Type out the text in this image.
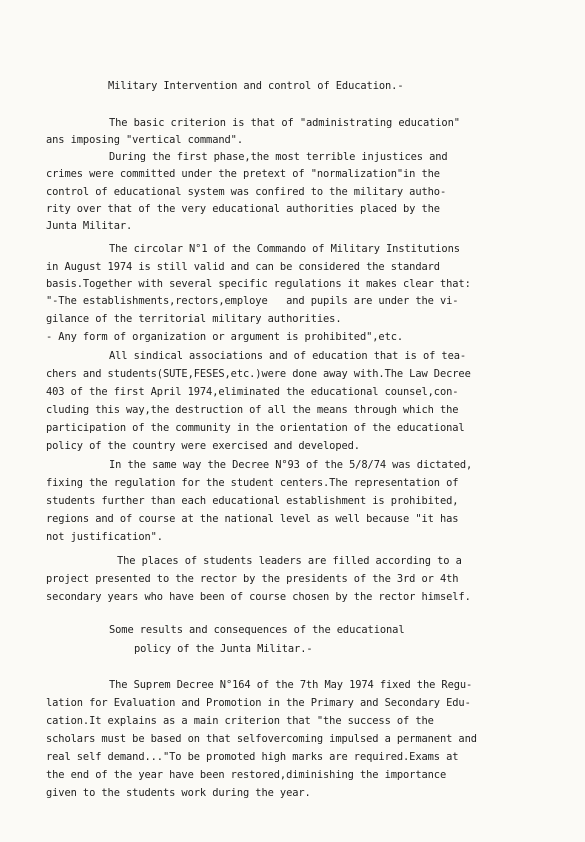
Military Intervention and control of Education.-
The basic criterion is that of "administrating education"
ans imposing "vertical command".
During the first phase,the most terrible injustices and
crimes were committed under the pretext of "normalization"in the
control of educational system was confired to the military autho-
rity over that of the very educational authorities placed by the
Junta Militar.
The circolar N°1 of the Commando of Military Institutions
in August 1974 is still valid and can be considered the standard
basis.Together with several specific regulations it makes clear that:
"-The establishments,rectors,employe   and pupils are under the vi-
gilance of the territorial military authorities.
- Any form of organization or argument is prohibited",etc.
All sindical associations and of education that is of tea-
chers and students(SUTE,FESES,etc.)were done away with.The Law Decree
403 of the first April 1974,eliminated the educational counsel,con-
cluding this way,the destruction of all the means through which the
participation of the community in the orientation of the educational
policy of the country were exercised and developed.
In the same way the Decree N°93 of the 5/8/74 was dictated,
fixing the regulation for the student centers.The representation of
students further than each educational establishment is prohibited,
regions and of course at the national level as well because "it has
not justification".
The places of students leaders are filled according to a
project presented to the rector by the presidents of the 3rd or 4th
secondary years who have been of course chosen by the rector himself.
Some results and consequences of the educational
policy of the Junta Militar.-
The Suprem Decree N°164 of the 7th May 1974 fixed the Regu-
lation for Evaluation and Promotion in the Primary and Secondary Edu-
cation.It explains as a main criterion that "the success of the
scholars must be based on that selfovercoming impulsed a permanent and
real self demand..."To be promoted high marks are required.Exams at
the end of the year have been restored,diminishing the importance
given to the students work during the year.
